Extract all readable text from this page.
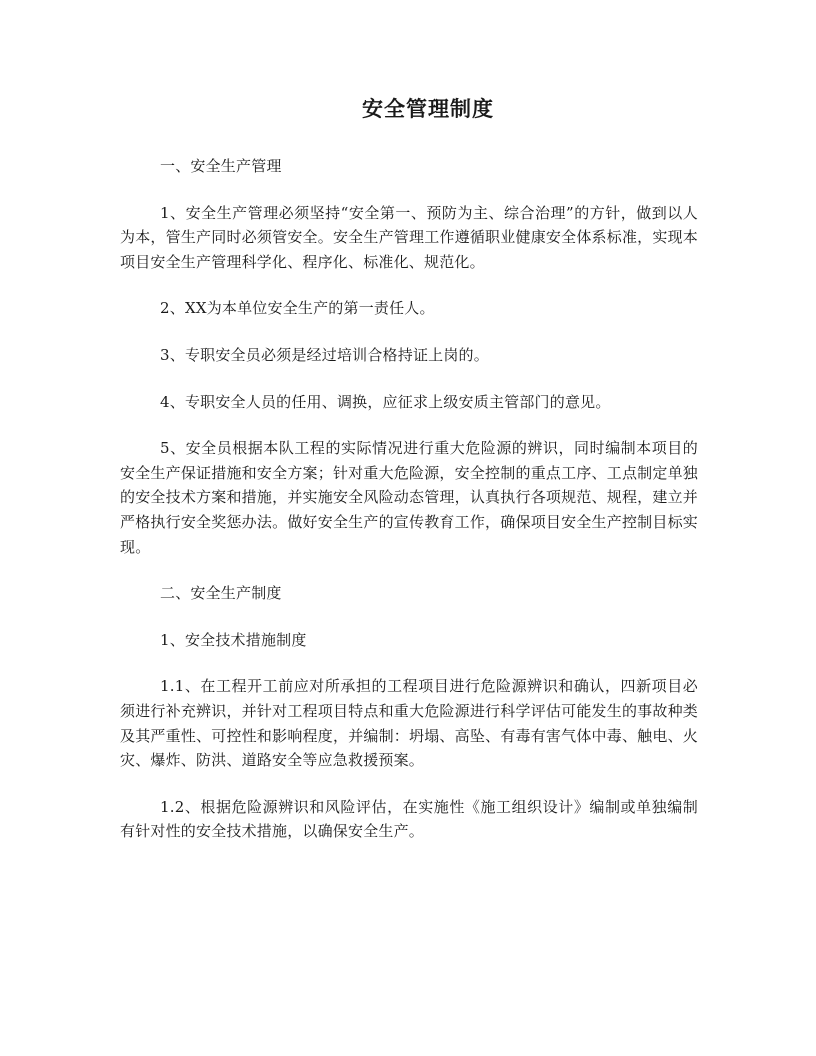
安全管理制度

一、安全生产管理

1、安全生产管理必须坚持“安全第一、预防为主、综合治理”的方针，做到以人为本，管生产同时必须管安全。安全生产管理工作遵循职业健康安全体系标准，实现本项目安全生产管理科学化、程序化、标准化、规范化。

2、XX为本单位安全生产的第一责任人。

3、专职安全员必须是经过培训合格持证上岗的。

4、专职安全人员的任用、调换，应征求上级安质主管部门的意见。

5、安全员根据本队工程的实际情况进行重大危险源的辨识，同时编制本项目的安全生产保证措施和安全方案；针对重大危险源，安全控制的重点工序、工点制定单独的安全技术方案和措施，并实施安全风险动态管理，认真执行各项规范、规程，建立并严格执行安全奖惩办法。做好安全生产的宣传教育工作，确保项目安全生产控制目标实现。

二、安全生产制度

1、安全技术措施制度

1.1、在工程开工前应对所承担的工程项目进行危险源辨识和确认，四新项目必须进行补充辨识，并针对工程项目特点和重大危险源进行科学评估可能发生的事故种类及其严重性、可控性和影响程度，并编制：坍塌、高坠、有毒有害气体中毒、触电、火灾、爆炸、防洪、道路安全等应急救援预案。

1.2、根据危险源辨识和风险评估，在实施性《施工组织设计》编制或单独编制有针对性的安全技术措施，以确保安全生产。
